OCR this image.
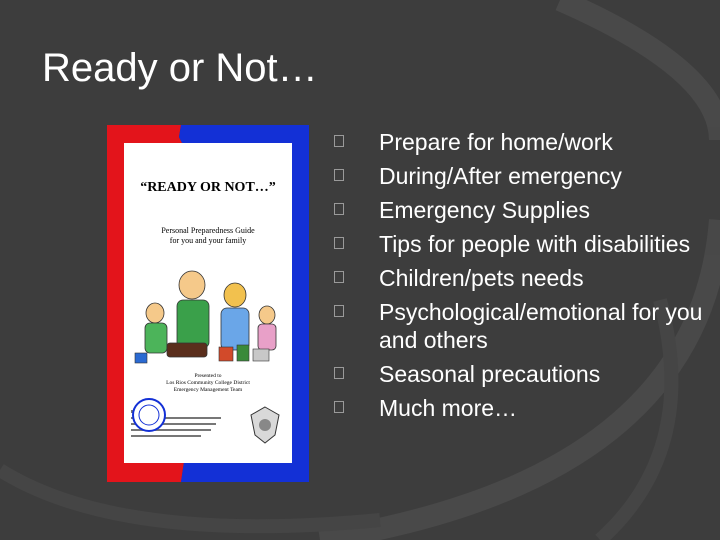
Ready or Not…
“READY OR NOT…”
Personal Preparedness Guide
for you and your family
Presented to
Los Rios Community College District
Emergency Management Team
Prepare for home/work
During/After emergency
Emergency Supplies
Tips for people with disabilities
Children/pets needs
Psychological/emotional for you and others
Seasonal precautions
Much more…
